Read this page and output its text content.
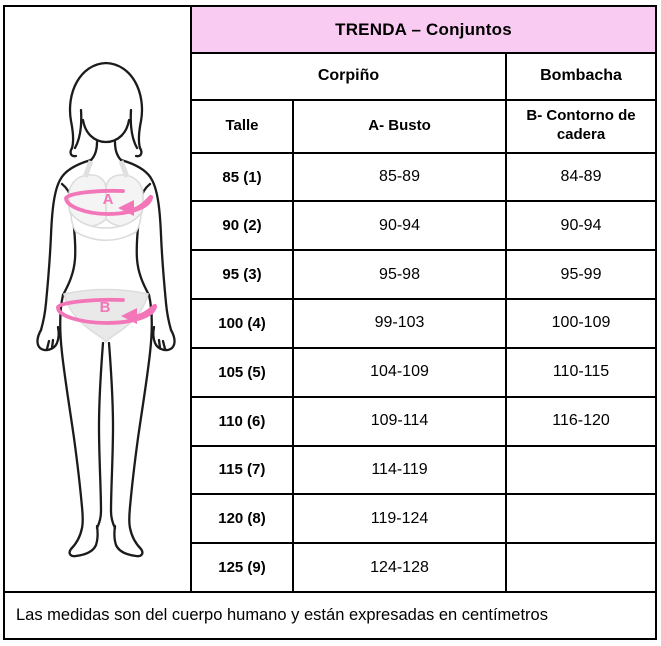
A
B
TRENDA – Conjuntos
Corpiño		Bombacha
Talle	A- Busto	B- Contorno de cadera
85 (1)	85-89	84-89
90 (2)	90-94	90-94
95 (3)	95-98	95-99
100 (4)	99-103	100-109
105 (5)	104-109	110-115
110 (6)	109-114	116-120
115 (7)	114-119	
120 (8)	119-124	
125 (9)	124-128	
Las medidas son del cuerpo humano y están expresadas en centímetros
